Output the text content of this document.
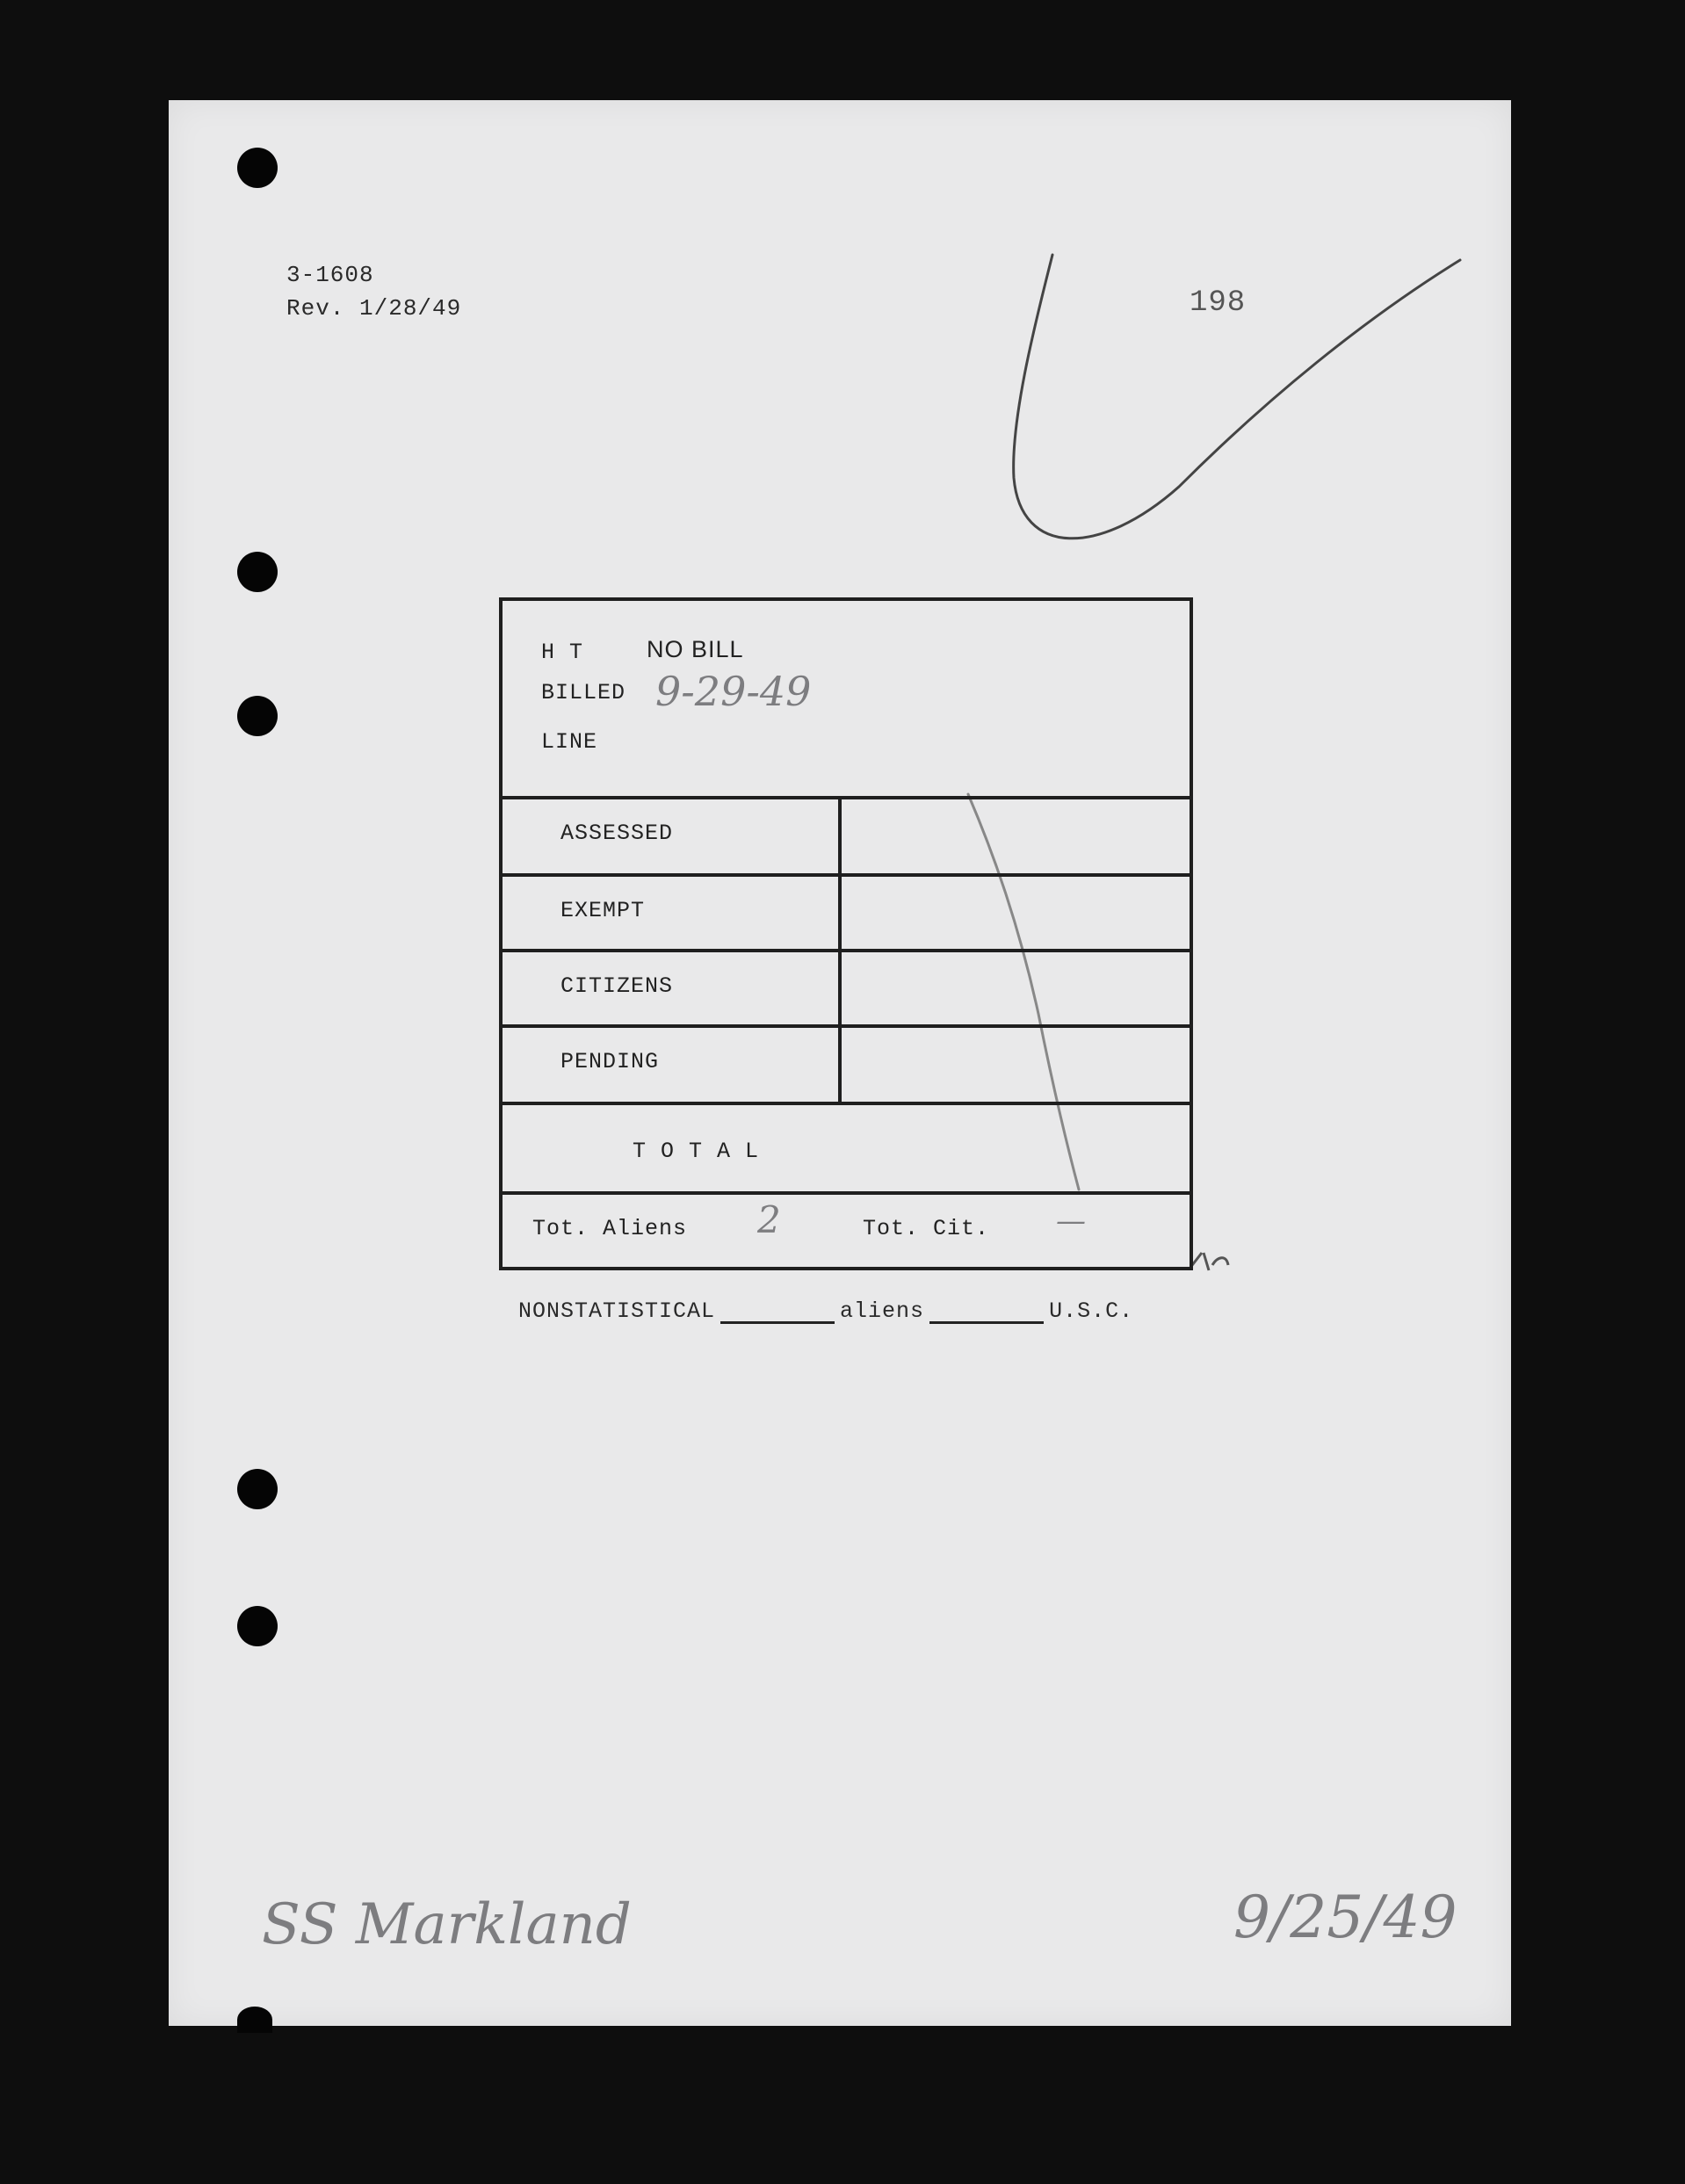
3-1608
Rev. 1/28/49	198
H T	NO BILL
BILLED 9-29-49
LINE
ASSESSED
EXEMPT
CITIZENS
PENDING
T O T A L
Tot. Aliens 2	Tot. Cit. —
NONSTATISTICAL	aliens	U.S.C.
SS Markland	9/25/49
